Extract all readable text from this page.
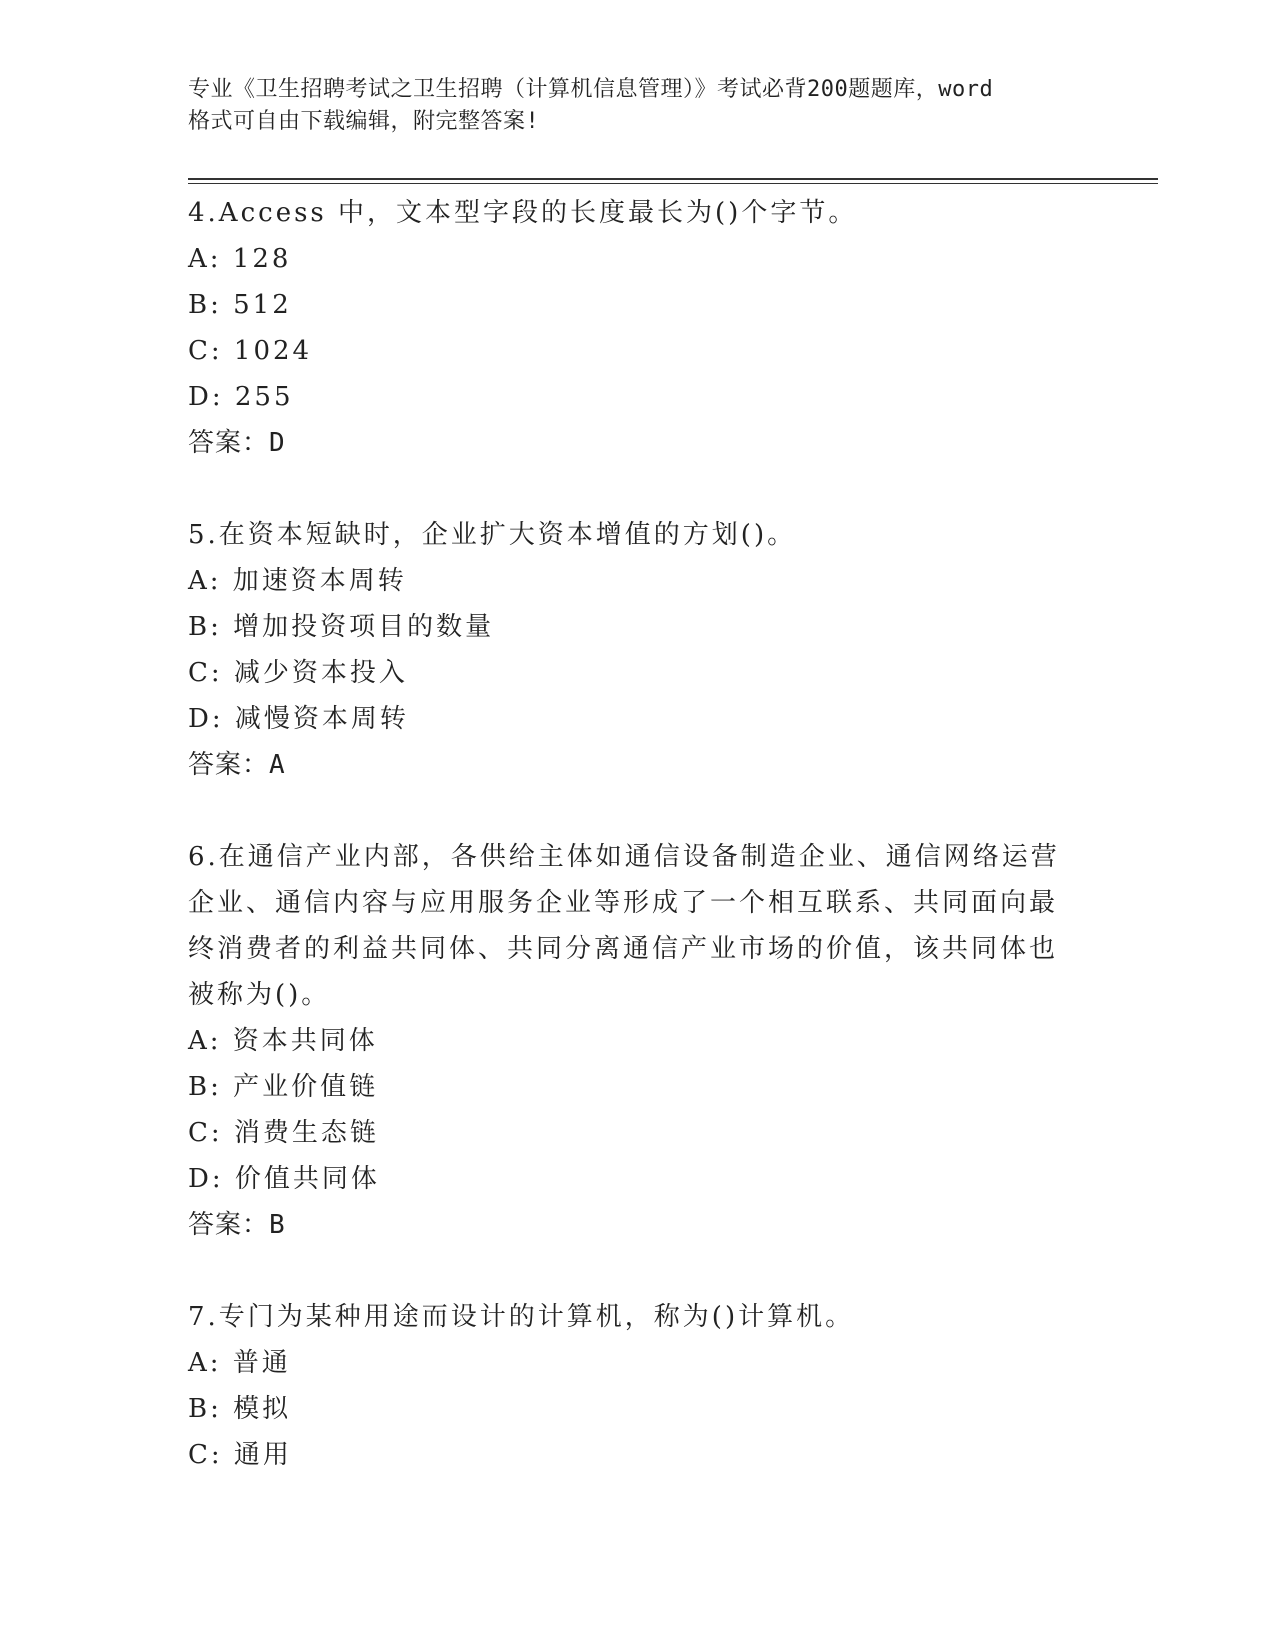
专业《卫生招聘考试之卫生招聘（计算机信息管理）》考试必背200题题库，word
格式可自由下载编辑，附完整答案!

4.Access 中，文本型字段的长度最长为()个字节。

A: 128

B: 512

C: 1024

D: 255

答案：D

5.在资本短缺时，企业扩大资本增值的方划()。

A: 加速资本周转

B: 增加投资项目的数量

C: 减少资本投入

D: 减慢资本周转

答案：A

6.在通信产业内部，各供给主体如通信设备制造企业、通信网络运营

企业、通信内容与应用服务企业等形成了一个相互联系、共同面向最

终消费者的利益共同体、共同分离通信产业市场的价值，该共同体也

被称为()。

A: 资本共同体

B: 产业价值链

C: 消费生态链

D: 价值共同体

答案：B

7.专门为某种用途而设计的计算机，称为()计算机。

A: 普通

B: 模拟

C: 通用
